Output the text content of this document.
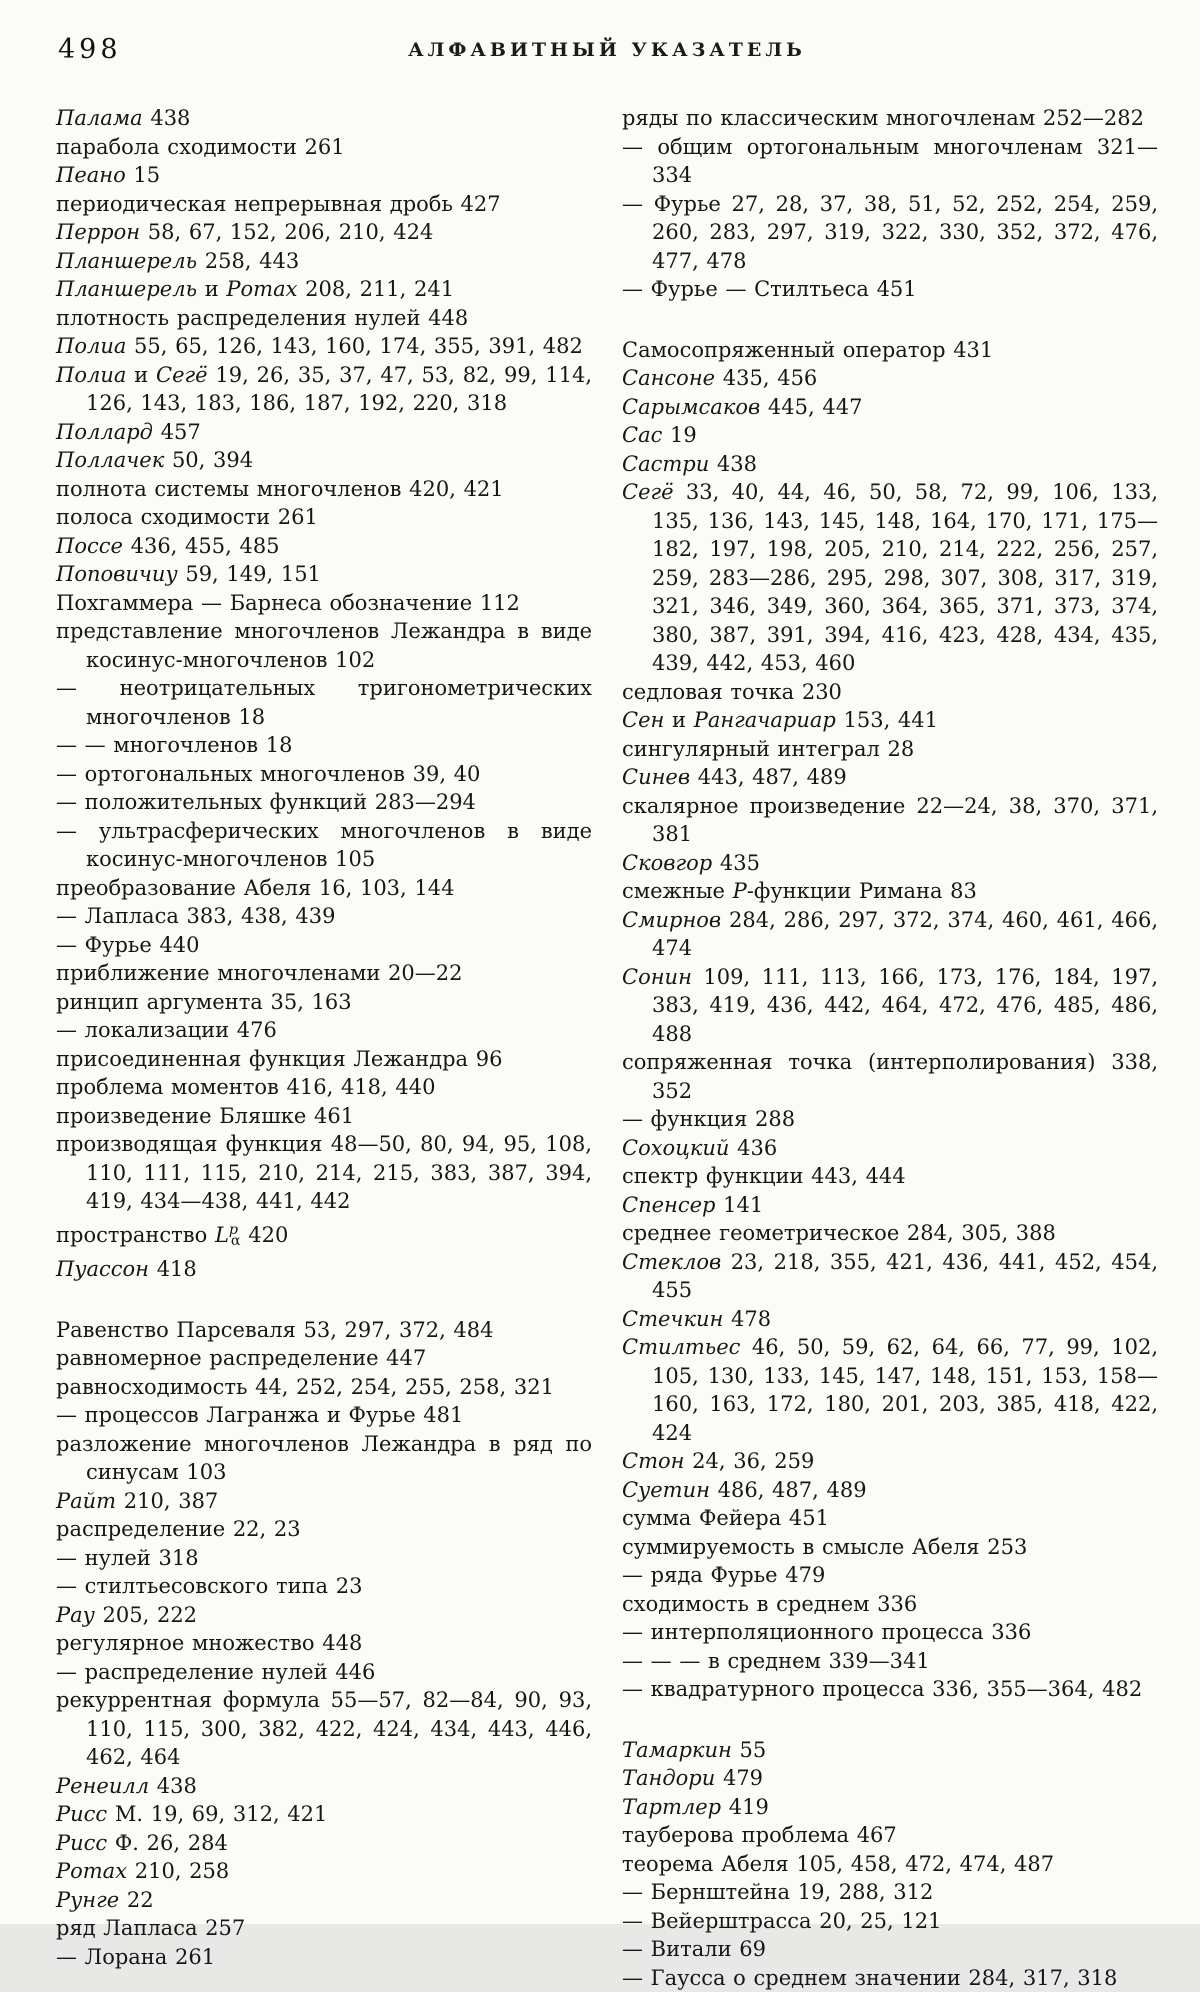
498	АЛФАВИТНЫЙ УКАЗАТЕЛЬ
Палама 438
парабола сходимости 261
Пеано 15
периодическая непрерывная дробь 427
Перрон 58, 67, 152, 206, 210, 424
Планшерель 258, 443
Планшерель и Ротах 208, 211, 241
плотность распределения нулей 448
Полиа 55, 65, 126, 143, 160, 174, 355, 391, 482
Полиа и Сегё 19, 26, 35, 37, 47, 53, 82, 99, 114, 126, 143, 183, 186, 187, 192, 220, 318
Поллард 457
Поллачек 50, 394
полнота системы многочленов 420, 421
полоса сходимости 261
Поссе 436, 455, 485
Поповичиу 59, 149, 151
Похгаммера — Барнеса обозначение 112
представление многочленов Лежандра в виде косинус-многочленов 102
— неотрицательных тригонометрических многочленов 18
— — многочленов 18
— ортогональных многочленов 39, 40
— положительных функций 283—294
— ультрасферических многочленов в виде косинус-многочленов 105
преобразование Абеля 16, 103, 144
— Лапласа 383, 438, 439
— Фурье 440
приближение многочленами 20—22
ринцип аргумента 35, 163
— локализации 476
присоединенная функция Лежандра 96
проблема моментов 416, 418, 440
произведение Бляшке 461
производящая функция 48—50, 80, 94, 95, 108, 110, 111, 115, 210, 214, 215, 383, 387, 394, 419, 434—438, 441, 442
пространство $L^p\alpha$ 420
Пуассон 418
Равенство Парсеваля 53, 297, 372, 484
равномерное распределение 447
равносходимость 44, 252, 254, 255, 258, 321
— процессов Лагранжа и Фурье 481
разложение многочленов Лежандра в ряд по синусам 103
Райт 210, 387
распределение 22, 23
— нулей 318
— стилтьесовского типа 23
Рау 205, 222
регулярное множество 448
— распределение нулей 446
рекуррентная формула 55—57, 82—84, 90, 93, 110, 115, 300, 382, 422, 424, 434, 443, 446, 462, 464
Ренеилл 438
Рисс М. 19, 69, 312, 421
Рисс Ф. 26, 284
Ротах 210, 258
Рунге 22
ряд Лапласа 257
— Лорана 261
ряды по классическим многочленам 252—282
— общим ортогональным многочленам 321—334
— Фурье 27, 28, 37, 38, 51, 52, 252, 254, 259, 260, 283, 297, 319, 322, 330, 352, 372, 476, 477, 478
— Фурье — Стилтьеса 451
Самосопряженный оператор 431
Сансоне 435, 456
Сарымсаков 445, 447
Сас 19
Састри 438
Сегё 33, 40, 44, 46, 50, 58, 72, 99, 106, 133, 135, 136, 143, 145, 148, 164, 170, 171, 175—182, 197, 198, 205, 210, 214, 222, 256, 257, 259, 283—286, 295, 298, 307, 308, 317, 319, 321, 346, 349, 360, 364, 365, 371, 373, 374, 380, 387, 391, 394, 416, 423, 428, 434, 435, 439, 442, 453, 460
седловая точка 230
Сен и Рангачариар 153, 441
сингулярный интеграл 28
Синев 443, 487, 489
скалярное произведение 22—24, 38, 370, 371, 381
Сковгор 435
смежные P-функции Римана 83
Смирнов 284, 286, 297, 372, 374, 460, 461, 466, 474
Сонин 109, 111, 113, 166, 173, 176, 184, 197, 383, 419, 436, 442, 464, 472, 476, 485, 486, 488
сопряженная точка (интерполирования) 338, 352
— функция 288
Сохоцкий 436
спектр функции 443, 444
Спенсер 141
среднее геометрическое 284, 305, 388
Стеклов 23, 218, 355, 421, 436, 441, 452, 454, 455
Стечкин 478
Стилтьес 46, 50, 59, 62, 64, 66, 77, 99, 102, 105, 130, 133, 145, 147, 148, 151, 153, 158—160, 163, 172, 180, 201, 203, 385, 418, 422, 424
Стон 24, 36, 259
Суетин 486, 487, 489
сумма Фейера 451
суммируемость в смысле Абеля 253
— ряда Фурье 479
сходимость в среднем 336
— интерполяционного процесса 336
— — — в среднем 339—341
— квадратурного процесса 336, 355—364, 482
Тамаркин 55
Тандори 479
Тартлер 419
тауберова проблема 467
теорема Абеля 105, 458, 472, 474, 487
— Бернштейна 19, 288, 312
— Вейерштрасса 20, 25, 121
— Витали 69
— Гаусса о среднем значении 284, 317, 318
